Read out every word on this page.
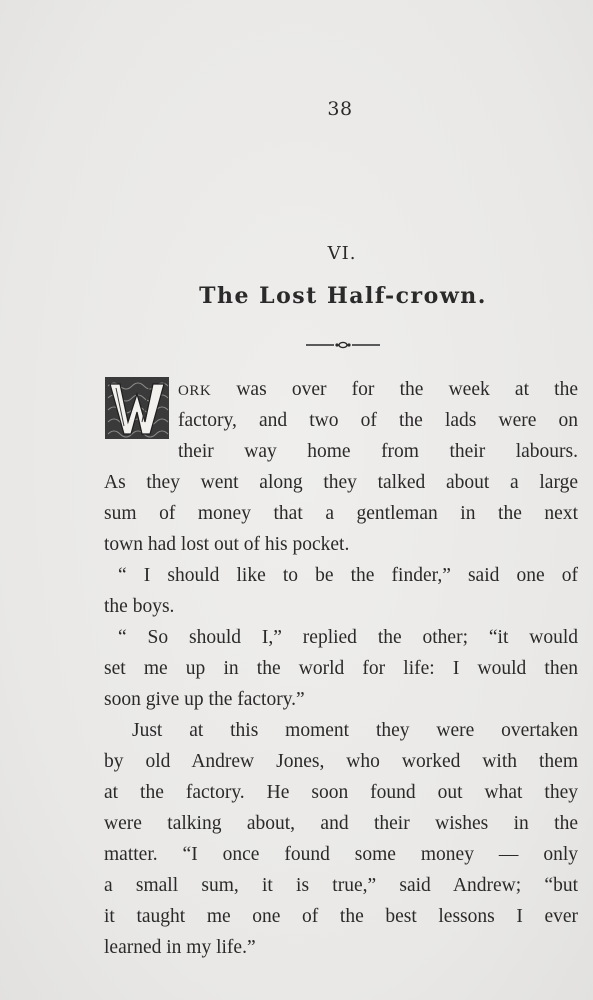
38
VI.
The Lost Half-crown.
ORK was over for the week at the
factory, and two of the lads were on
their way home from their labours.
As they went along they talked about a large
sum of money that a gentleman in the next
town had lost out of his pocket.
“ I should like to be the finder,” said one of
the boys.
“ So should I,” replied the other; “it would
set me up in the world for life: I would then
soon give up the factory.”
Just at this moment they were overtaken
by old Andrew Jones, who worked with them
at the factory. He soon found out what they
were talking about, and their wishes in the
matter. “I once found some money — only
a small sum, it is true,” said Andrew; “but
it taught me one of the best lessons I ever
learned in my life.”
